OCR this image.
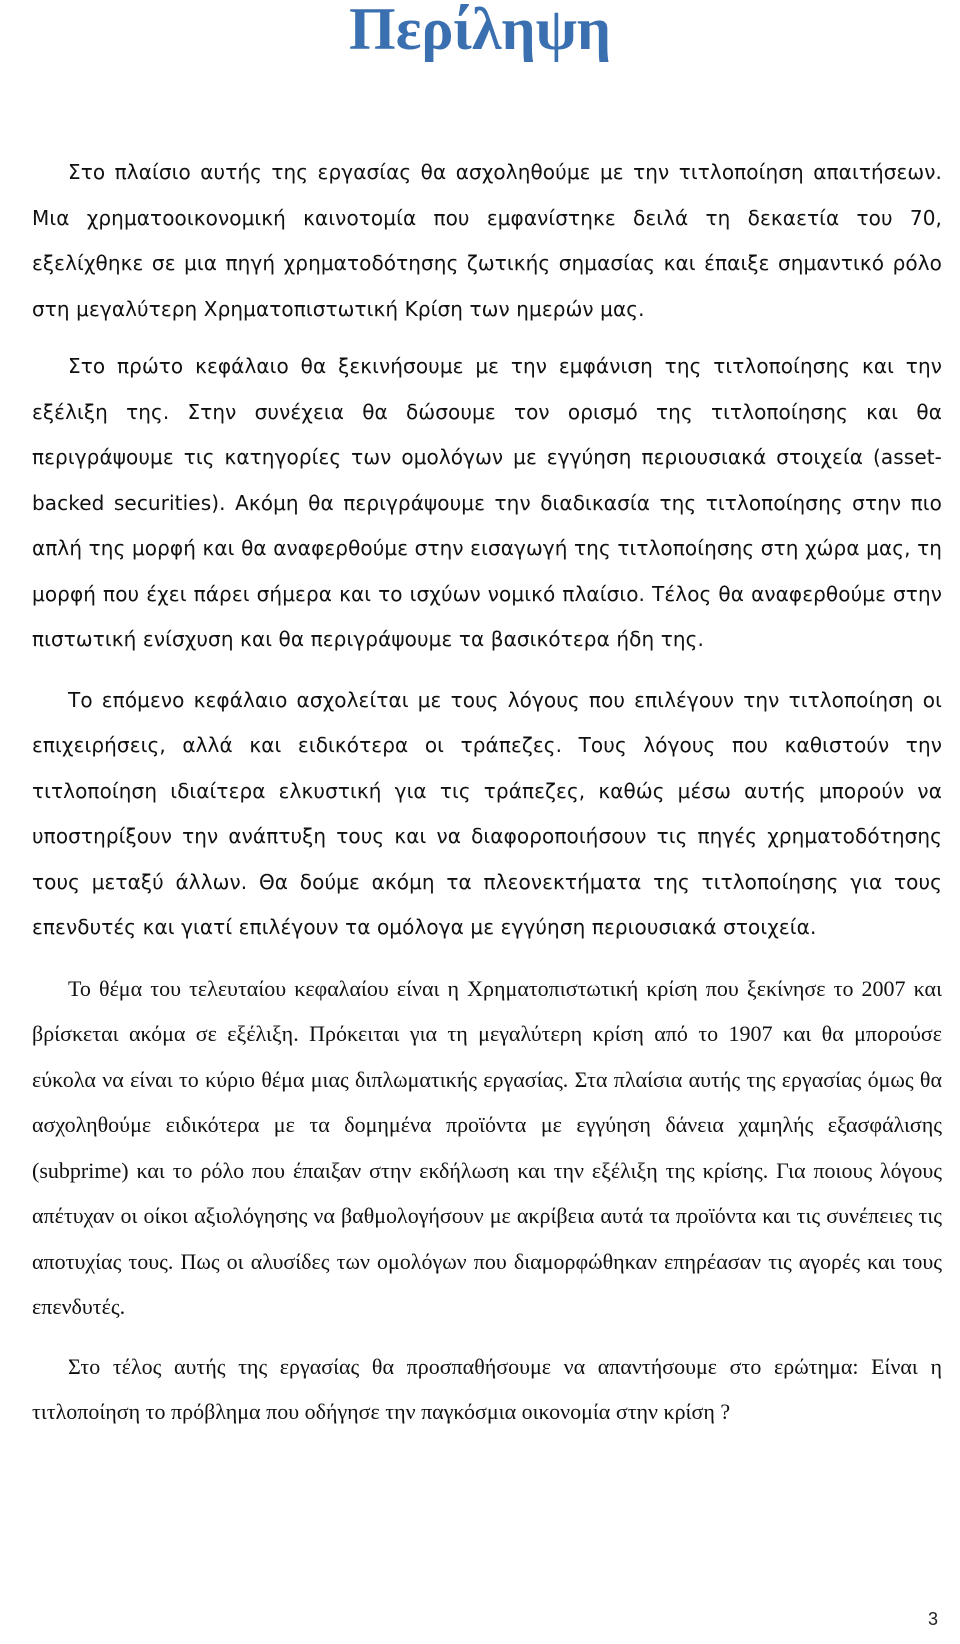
Περίληψη

Στο πλαίσιο αυτής της εργασίας θα ασχοληθούμε με την τιτλοποίηση απαιτήσεων. Μια χρηματοοικονομική καινοτομία που εμφανίστηκε δειλά τη δεκαετία του 70, εξελίχθηκε σε μια πηγή χρηματοδότησης ζωτικής σημασίας και έπαιξε σημαντικό ρόλο στη μεγαλύτερη Χρηματοπιστωτική Κρίση των ημερών μας.

Στο πρώτο κεφάλαιο θα ξεκινήσουμε με την εμφάνιση της τιτλοποίησης και την εξέλιξη της. Στην συνέχεια θα δώσουμε τον ορισμό της τιτλοποίησης και θα περιγράψουμε τις κατηγορίες των ομολόγων με εγγύηση περιουσιακά στοιχεία (asset-backed securities). Ακόμη θα περιγράψουμε την διαδικασία της τιτλοποίησης στην πιο απλή της μορφή και θα αναφερθούμε στην εισαγωγή της τιτλοποίησης στη χώρα μας, τη μορφή που έχει πάρει σήμερα και το ισχύων νομικό πλαίσιο. Τέλος θα αναφερθούμε στην πιστωτική ενίσχυση και θα περιγράψουμε τα βασικότερα ήδη της.

Το επόμενο κεφάλαιο ασχολείται με τους λόγους που επιλέγουν την τιτλοποίηση οι επιχειρήσεις, αλλά και ειδικότερα οι τράπεζες. Τους λόγους που καθιστούν την τιτλοποίηση ιδιαίτερα ελκυστική για τις τράπεζες, καθώς μέσω αυτής μπορούν να υποστηρίξουν την ανάπτυξη τους και να διαφοροποιήσουν τις πηγές χρηματοδότησης τους μεταξύ άλλων. Θα δούμε ακόμη τα πλεονεκτήματα της τιτλοποίησης για τους επενδυτές και γιατί επιλέγουν τα ομόλογα με εγγύηση περιουσιακά στοιχεία.

Το θέμα του τελευταίου κεφαλαίου είναι η Χρηματοπιστωτική κρίση που ξεκίνησε το 2007 και βρίσκεται ακόμα σε εξέλιξη. Πρόκειται για τη μεγαλύτερη κρίση από το 1907 και θα μπορούσε εύκολα να είναι το κύριο θέμα μιας διπλωματικής εργασίας. Στα πλαίσια αυτής της εργασίας όμως θα ασχοληθούμε ειδικότερα με τα δομημένα προϊόντα με εγγύηση δάνεια χαμηλής εξασφάλισης (subprime) και το ρόλο που έπαιξαν στην εκδήλωση και την εξέλιξη της κρίσης. Για ποιους λόγους απέτυχαν οι οίκοι αξιολόγησης να βαθμολογήσουν με ακρίβεια αυτά τα προϊόντα και τις συνέπειες τις αποτυχίας τους. Πως οι αλυσίδες των ομολόγων που διαμορφώθηκαν επηρέασαν τις αγορές και τους επενδυτές.

Στο τέλος αυτής της εργασίας θα προσπαθήσουμε να απαντήσουμε στο ερώτημα: Είναι η τιτλοποίηση το πρόβλημα που οδήγησε την παγκόσμια οικονομία στην κρίση ?

3
